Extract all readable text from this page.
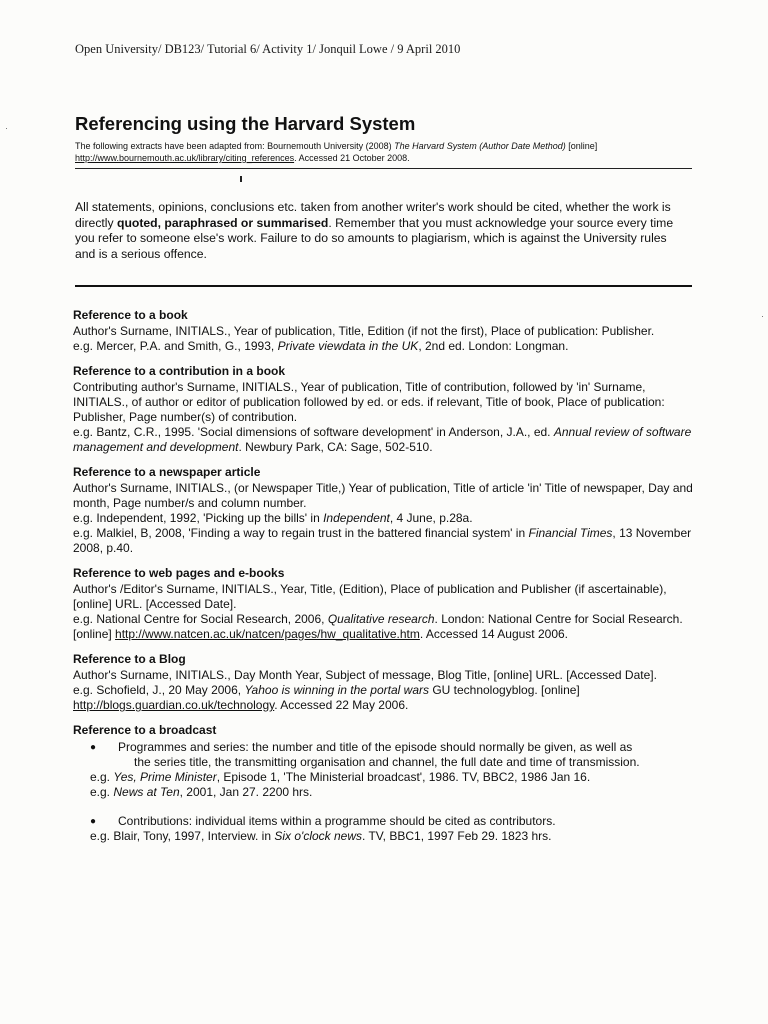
Open University/ DB123/ Tutorial 6/ Activity 1/ Jonquil Lowe / 9 April 2010
Referencing using the Harvard System
The following extracts have been adapted from: Bournemouth University (2008) The Harvard System (Author Date Method) [online]
http://www.bournemouth.ac.uk/library/citing_references. Accessed 21 October 2008.
All statements, opinions, conclusions etc. taken from another writer's work should be cited, whether the work is directly quoted, paraphrased or summarised. Remember that you must acknowledge your source every time you refer to someone else's work. Failure to do so amounts to plagiarism, which is against the University rules and is a serious offence.
Reference to a book

Author's Surname, INITIALS., Year of publication, Title, Edition (if not the first), Place of publication: Publisher.

e.g. Mercer, P.A. and Smith, G., 1993, Private viewdata in the UK, 2nd ed. London: Longman.

Reference to a contribution in a book

Contributing author's Surname, INITIALS., Year of publication, Title of contribution, followed by 'in' Surname, INITIALS., of author or editor of publication followed by ed. or eds. if relevant, Title of book, Place of publication: Publisher, Page number(s) of contribution.

e.g. Bantz, C.R., 1995. 'Social dimensions of software development' in Anderson, J.A., ed. Annual review of software management and development. Newbury Park, CA: Sage, 502-510.

Reference to a newspaper article

Author's Surname, INITIALS., (or Newspaper Title,) Year of publication, Title of article 'in' Title of newspaper, Day and month, Page number/s and column number.

e.g. Independent, 1992, 'Picking up the bills' in Independent, 4 June, p.28a.

e.g. Malkiel, B, 2008, 'Finding a way to regain trust in the battered financial system' in Financial Times, 13 November 2008, p.40.

Reference to web pages and e-books

Author's /Editor's Surname, INITIALS., Year, Title, (Edition), Place of publication and Publisher (if ascertainable), [online] URL. [Accessed Date].

e.g. National Centre for Social Research, 2006, Qualitative research. London: National Centre for Social Research. [online] http://www.natcen.ac.uk/natcen/pages/hw_qualitative.htm. Accessed 14 August 2006.

Reference to a Blog

Author's Surname, INITIALS., Day Month Year, Subject of message, Blog Title, [online] URL. [Accessed Date].

e.g. Schofield, J., 20 May 2006, Yahoo is winning in the portal wars GU technologyblog. [online] http://blogs.guardian.co.uk/technology. Accessed 22 May 2006.

Reference to a broadcast
●	Programmes and series: the number and title of the episode should normally be given, as well as
the series title, the transmitting organisation and channel, the full date and time of transmission.

e.g. Yes, Prime Minister, Episode 1, 'The Ministerial broadcast', 1986. TV, BBC2, 1986 Jan 16.

e.g. News at Ten, 2001, Jan 27. 2200 hrs.

●	Contributions: individual items within a programme should be cited as contributors.

e.g. Blair, Tony, 1997, Interview. in Six o'clock news. TV, BBC1, 1997 Feb 29. 1823 hrs.
